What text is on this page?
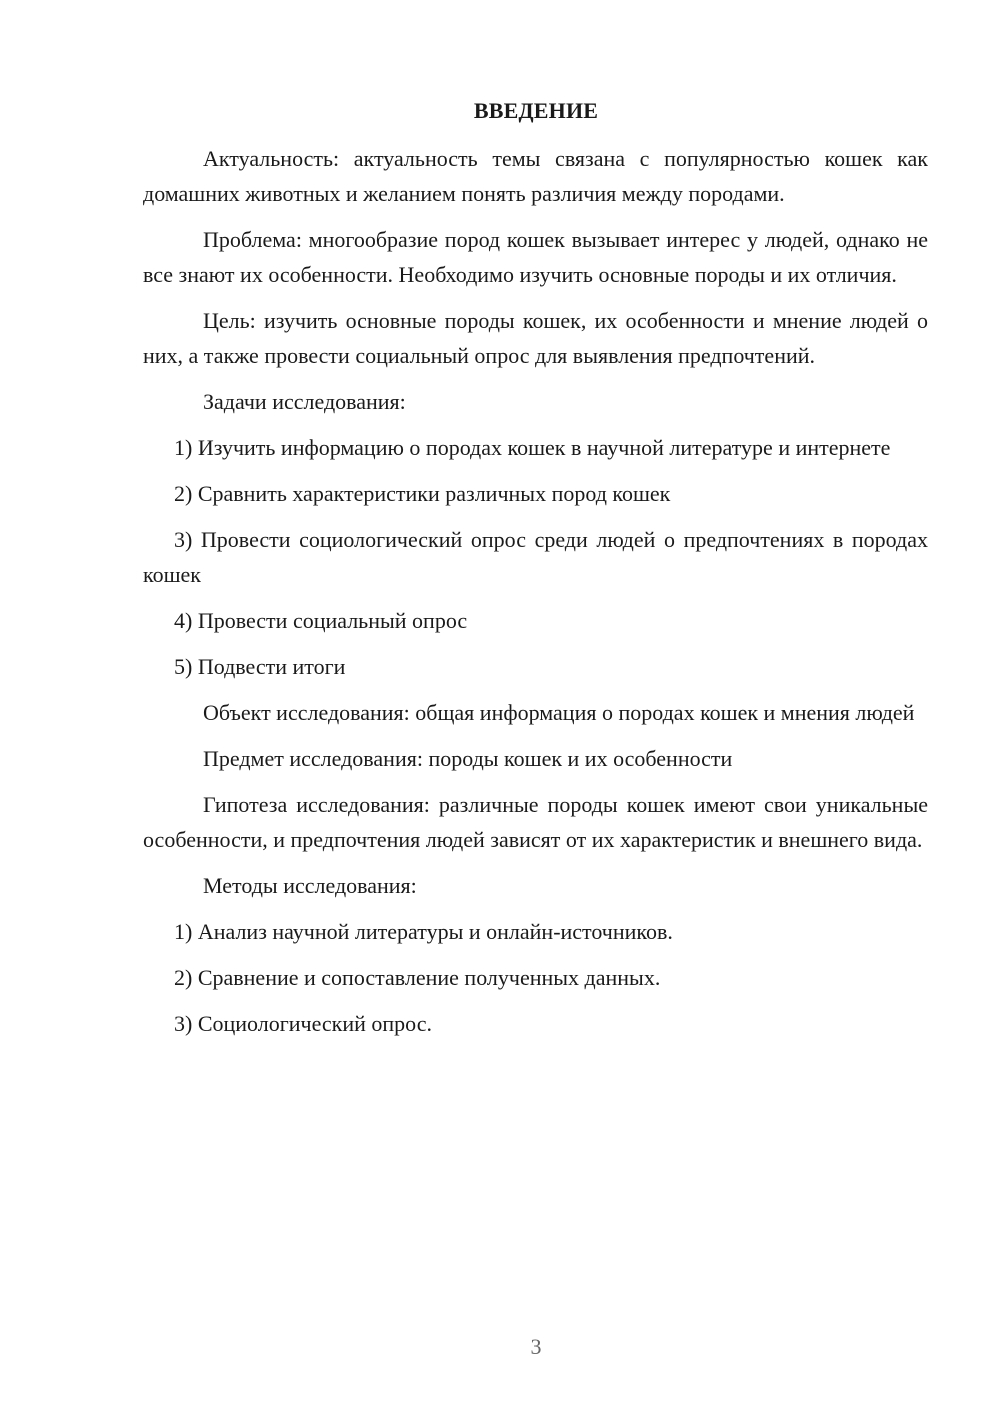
ВВЕДЕНИЕ

Актуальность: актуальность темы связана с популярностью кошек как домашних животных и желанием понять различия между породами.

Проблема: многообразие пород кошек вызывает интерес у людей, однако не все знают их особенности. Необходимо изучить основные породы и их отличия.

Цель: изучить основные породы кошек, их особенности и мнение людей о них, а также провести социальный опрос для выявления предпочтений.

Задачи исследования:

1) Изучить информацию о породах кошек в научной литературе и интернете

2) Сравнить характеристики различных пород кошек

3) Провести социологический опрос среди людей о предпочтениях в породах кошек

4) Провести социальный опрос

5) Подвести итоги

Объект исследования: общая информация о породах кошек и мнения людей

Предмет исследования: породы кошек и их особенности

Гипотеза исследования: различные породы кошек имеют свои уникальные особенности, и предпочтения людей зависят от их характеристик и внешнего вида.

Методы исследования:

1) Анализ научной литературы и онлайн-источников.

2) Сравнение и сопоставление полученных данных.

3) Социологический опрос.

3
